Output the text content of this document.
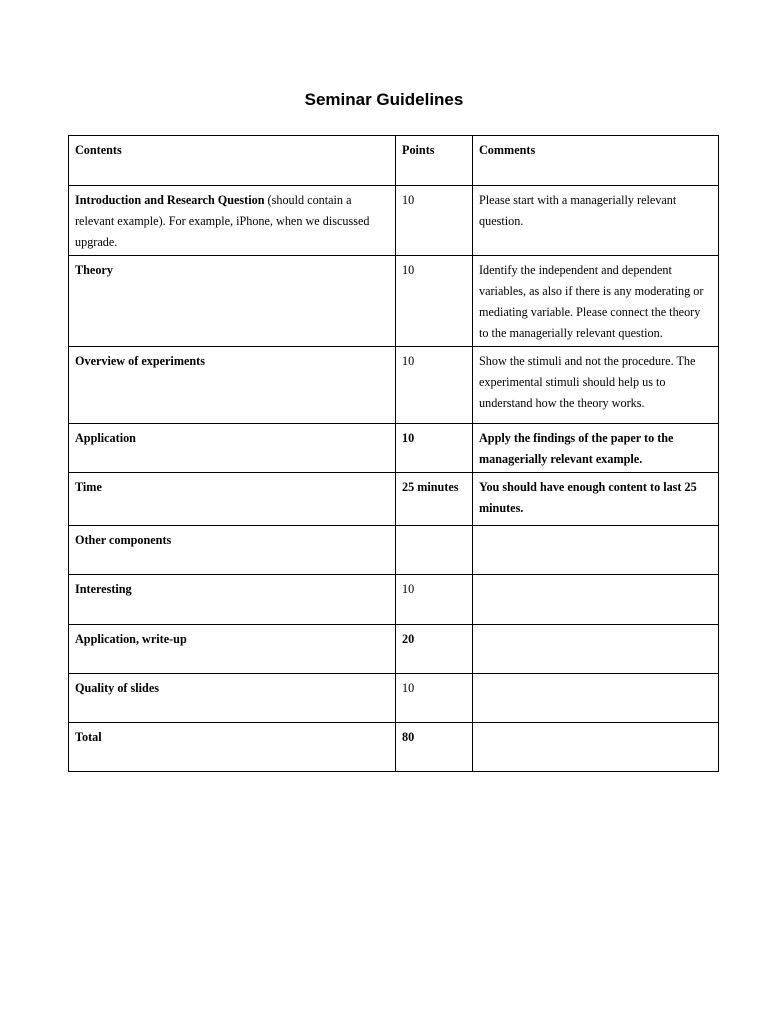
Seminar Guidelines
Contents	Points	Comments
Introduction and Research Question (should contain a relevant example). For example, iPhone, when we discussed upgrade.	10	Please start with a managerially relevant question.
Theory	10	Identify the independent and dependent variables, as also if there is any moderating or mediating variable. Please connect the theory to the managerially relevant question.
Overview of experiments	10	Show the stimuli and not the procedure. The experimental stimuli should help us to understand how the theory works.
Application	10	Apply the findings of the paper to the managerially relevant example.
Time	25 minutes	You should have enough content to last 25 minutes.
Other components		
Interesting	10	
Application, write-up	20	
Quality of slides	10	
Total	80	
